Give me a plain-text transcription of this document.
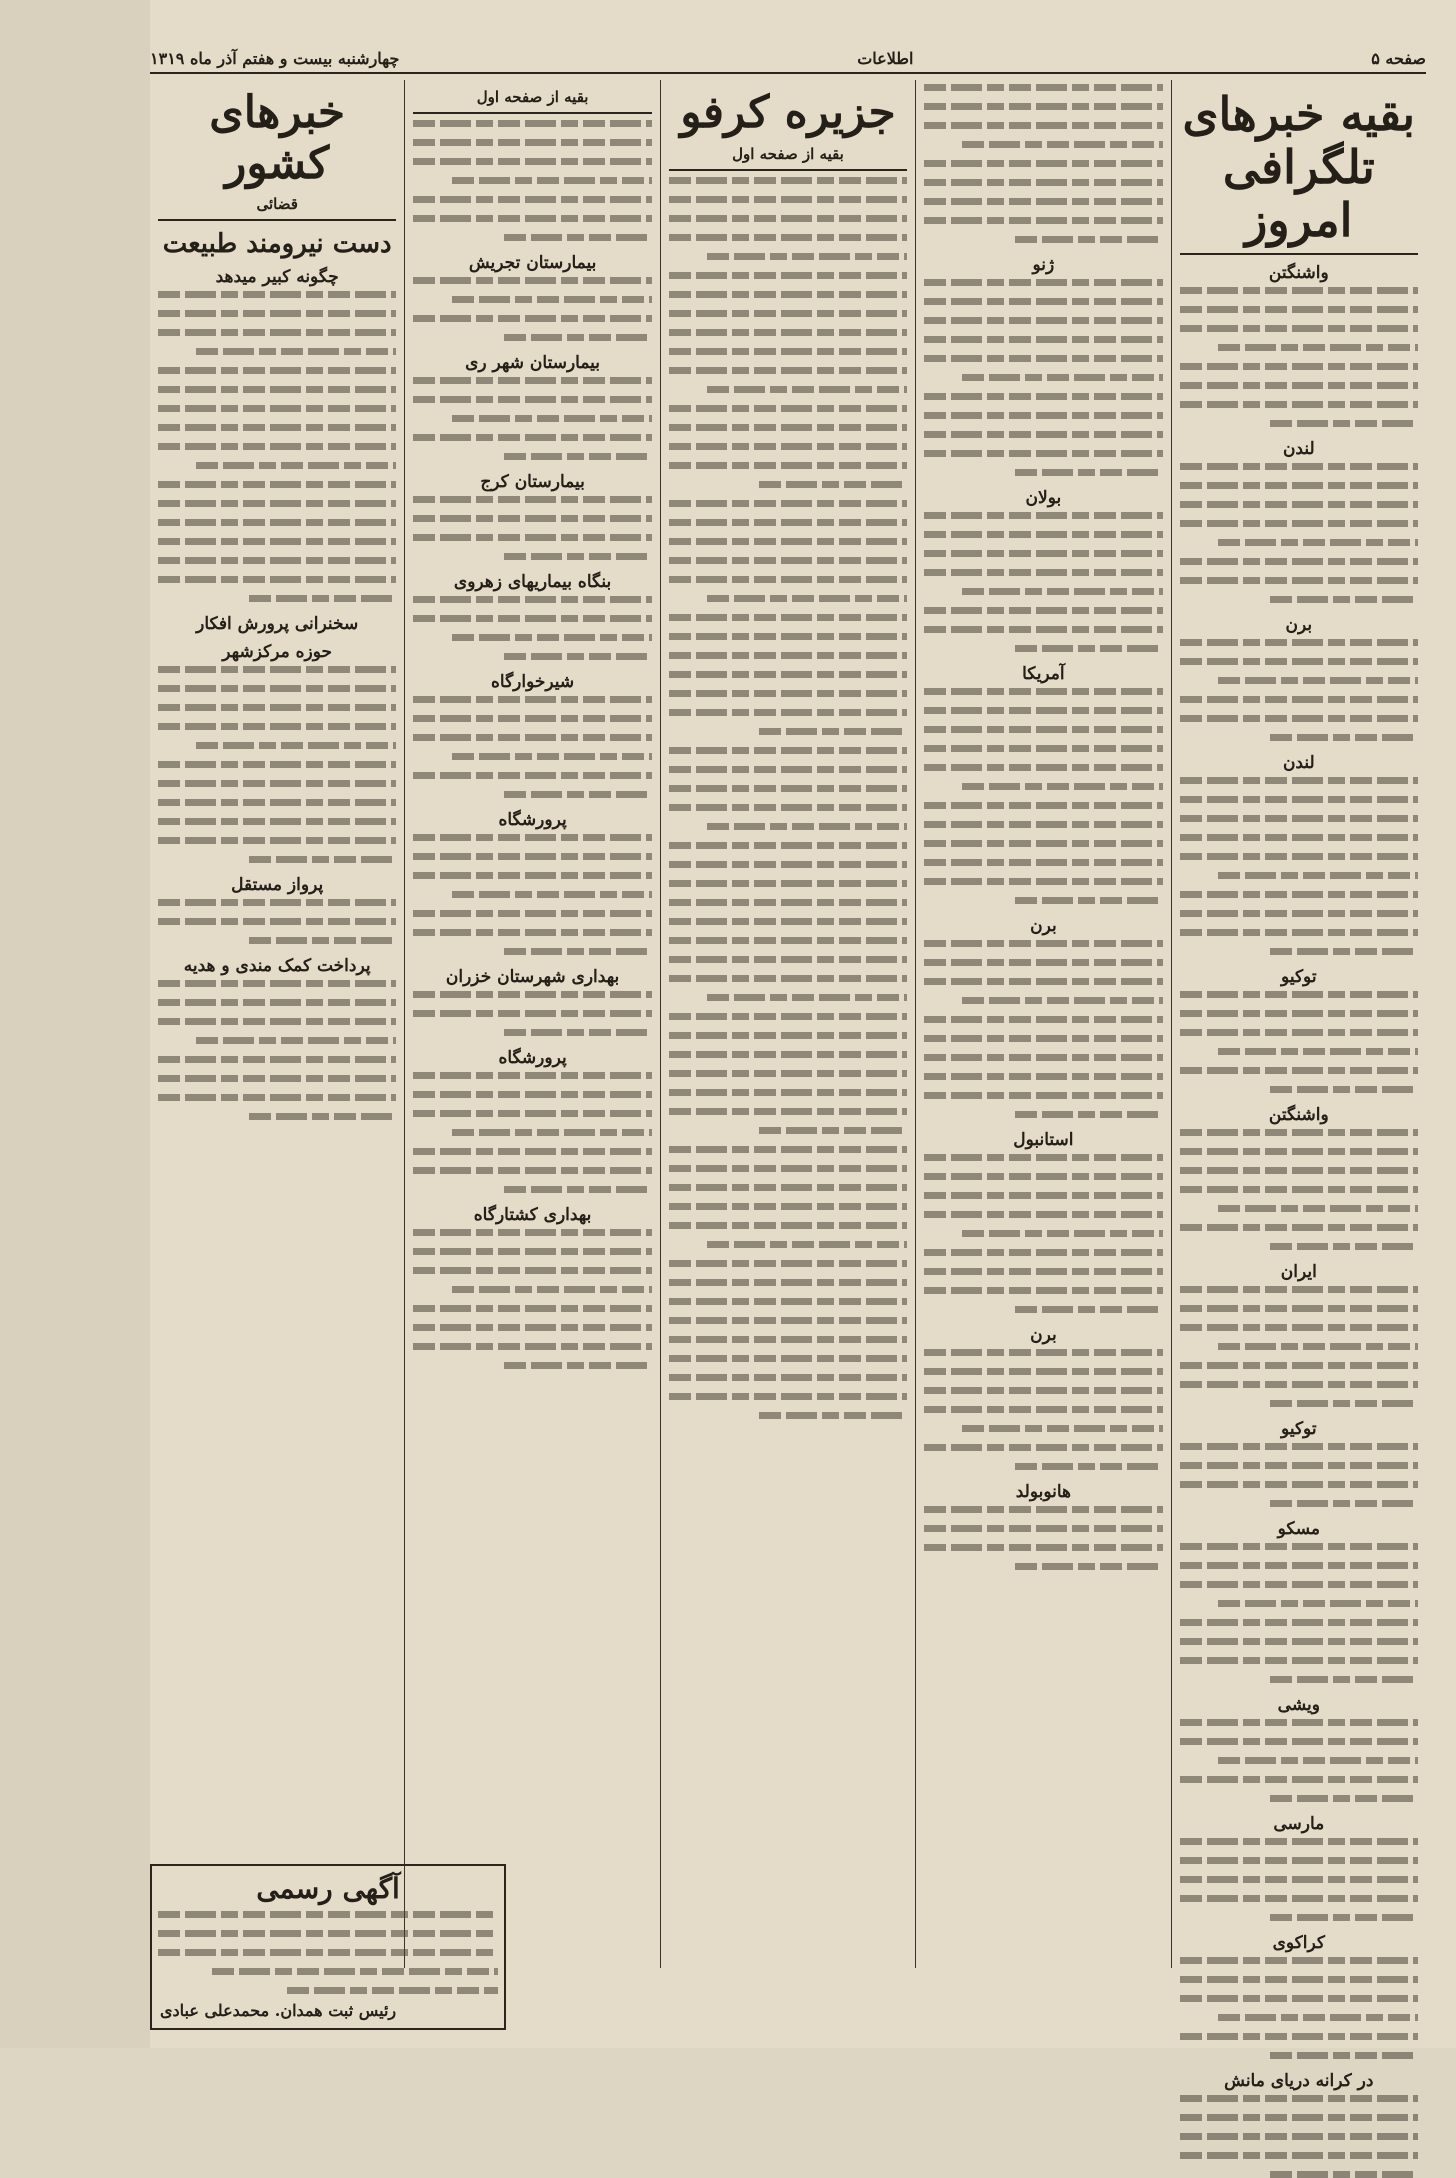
صفحه ۵
اطلاعات
چهارشنبه بیست و هفتم آذر ماه ۱۳۱۹
بقیه خبرهای تلگرافی امروز
واشنگتن
لندن
برن
لندن
توکیو
واشنگتن
ایران
توکیو
مسکو
ویشی
مارسی
کراکوی
در کرانه دریای مانش
ژنو
بولان
آمریکا
برن
استانبول
برن
هانوبولد
جزیره کرفو
بقیه از صفحه اول
بقیه از صفحه اول
بیمارستان تجریش
بیمارستان شهر ری
بیمارستان کرج
بنگاه بیماریهای زهروی
شیرخوارگاه
پرورشگاه
بهداری شهرستان خزران
پرورشگاه
بهداری کشتارگاه
خبرهای کشور
قضائی
دست نیرومند طبیعت
چگونه کبیر میدهد
سخنرانی پرورش افکار
حوزه مرکزشهر
پرواز مستقل
پرداخت کمک مندی و هدیه
آگهی رسمی
رئیس ثبت همدان. محمدعلی عبادی
